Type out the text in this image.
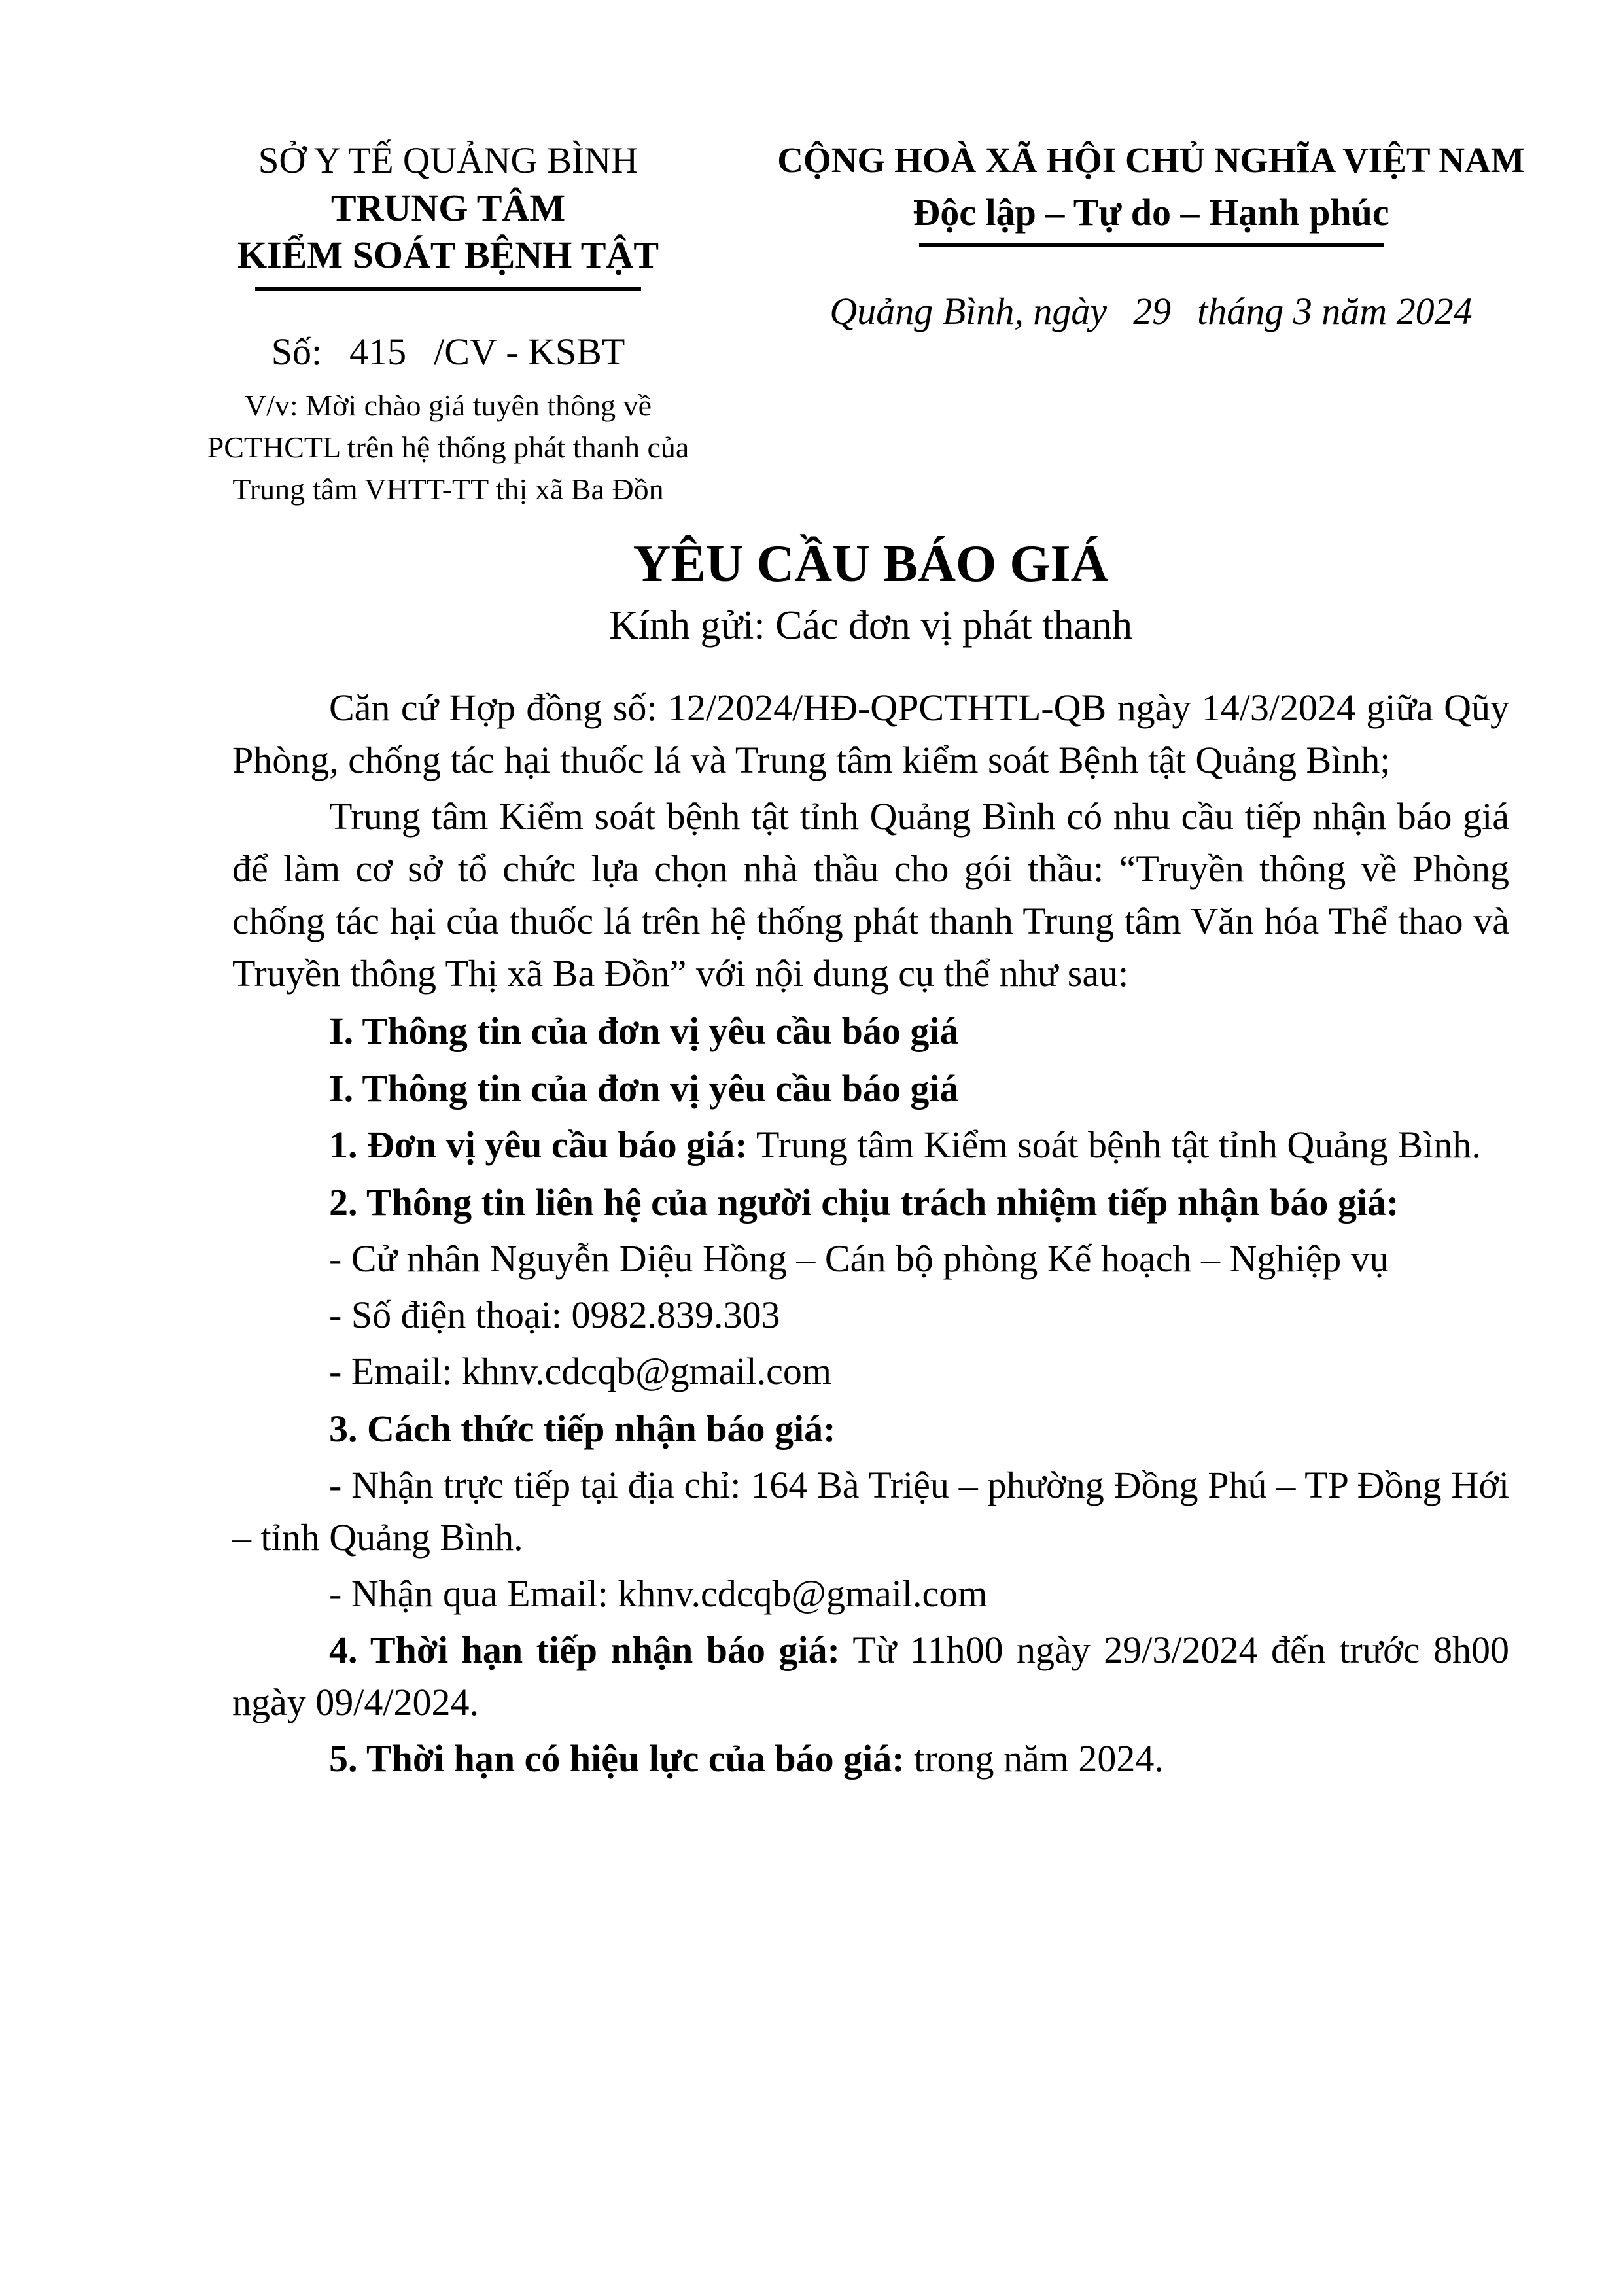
SỞ Y TẾ QUẢNG BÌNH
TRUNG TÂM
KIỂM SOÁT BỆNH TẬT
Số: 415 /CV - KSBT
V/v: Mời chào giá tuyên thông về
PCTHCTL trên hệ thống phát thanh của
Trung tâm VHTT-TT thị xã Ba Đồn
CỘNG HOÀ XÃ HỘI CHỦ NGHĨA VIỆT NAM
Độc lập – Tự do – Hạnh phúc
Quảng Bình, ngày 29 tháng 3 năm 2024
YÊU CẦU BÁO GIÁ
Kính gửi: Các đơn vị phát thanh

Căn cứ Hợp đồng số: 12/2024/HĐ-QPCTHTL-QB ngày 14/3/2024 giữa Qũy Phòng, chống tác hại thuốc lá và Trung tâm kiểm soát Bệnh tật Quảng Bình;

Trung tâm Kiểm soát bệnh tật tỉnh Quảng Bình có nhu cầu tiếp nhận báo giá để làm cơ sở tổ chức lựa chọn nhà thầu cho gói thầu: “Truyền thông về Phòng chống tác hại của thuốc lá trên hệ thống phát thanh Trung tâm Văn hóa Thể thao và Truyền thông Thị xã Ba Đồn” với nội dung cụ thể như sau:

I. Thông tin của đơn vị yêu cầu báo giá

I. Thông tin của đơn vị yêu cầu báo giá

1. Đơn vị yêu cầu báo giá: Trung tâm Kiểm soát bệnh tật tỉnh Quảng Bình.

2. Thông tin liên hệ của người chịu trách nhiệm tiếp nhận báo giá:

- Cử nhân Nguyễn Diệu Hồng – Cán bộ phòng Kế hoạch – Nghiệp vụ

- Số điện thoại: 0982.839.303

- Email: khnv.cdcqb@gmail.com

3. Cách thức tiếp nhận báo giá:

- Nhận trực tiếp tại địa chỉ: 164 Bà Triệu – phường Đồng Phú – TP Đồng Hới – tỉnh Quảng Bình.

- Nhận qua Email: khnv.cdcqb@gmail.com

4. Thời hạn tiếp nhận báo giá: Từ 11h00 ngày 29/3/2024 đến trước 8h00 ngày 09/4/2024.

5. Thời hạn có hiệu lực của báo giá: trong năm 2024.
